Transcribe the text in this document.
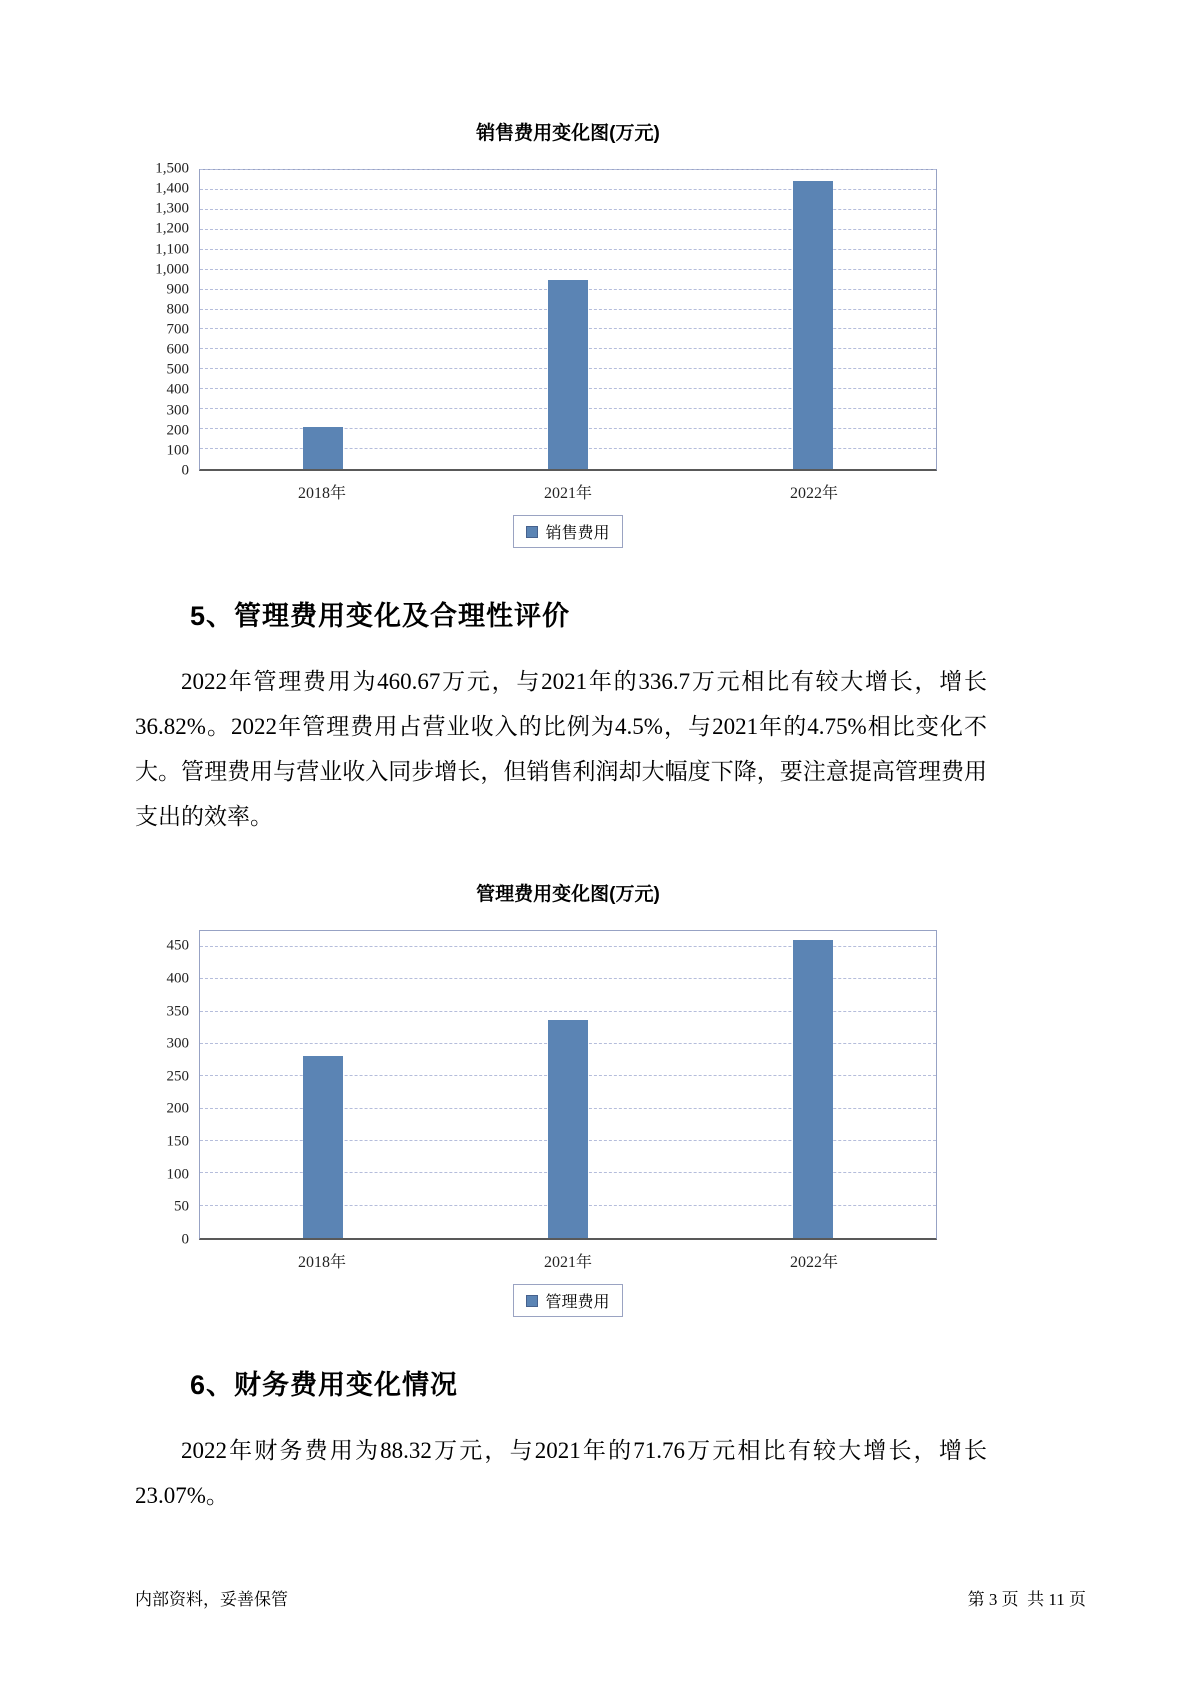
销售费用变化图(万元)
0
100
200
300
400
500
600
700
800
900
1,000
1,100
1,200
1,300
1,400
1,500
2018年	2021年	2022年
销售费用
5、管理费用变化及合理性评价

2022年管理费用为460.67万元，与2021年的336.7万元相比有较大增长，增长36.82%。2022年管理费用占营业收入的比例为4.5%，与2021年的4.75%相比变化不大。管理费用与营业收入同步增长，但销售利润却大幅度下降，要注意提高管理费用支出的效率。

管理费用变化图(万元)
0
50
100
150
200
250
300
350
400
450
2018年	2021年	2022年
管理费用
6、财务费用变化情况

2022年财务费用为88.32万元，与2021年的71.76万元相比有较大增长，增长23.07%。

内部资料，妥善保管	第 3 页  共 11 页
